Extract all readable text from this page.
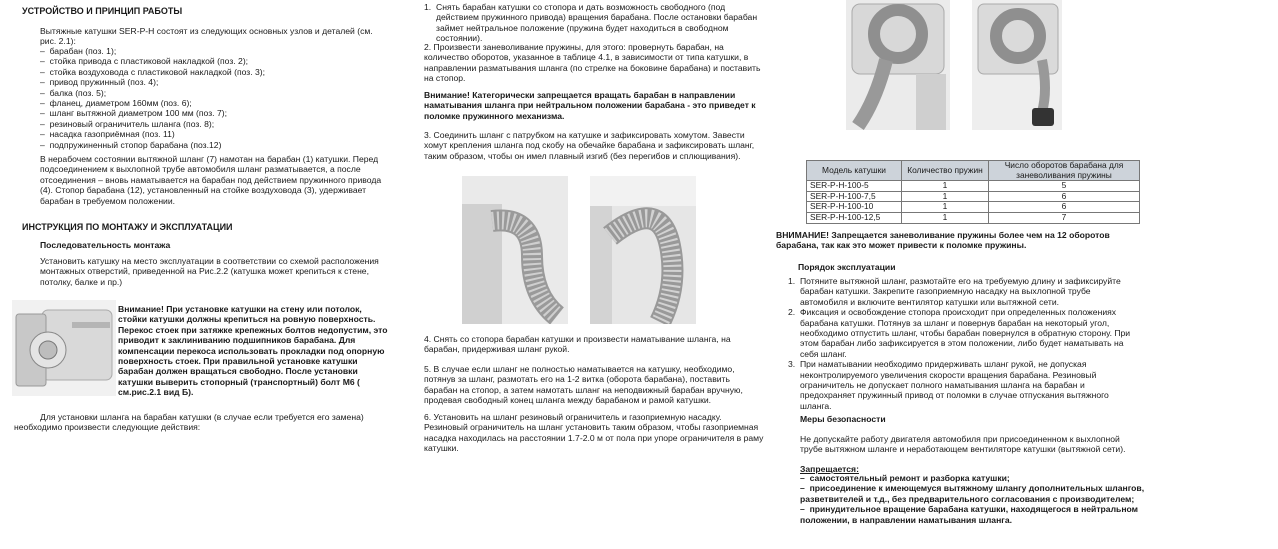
УСТРОЙСТВО И ПРИНЦИП РАБОТЫ

Вытяжные катушки SER-P-H состоят из следующих основных узлов и деталей (см. рис. 2.1):

–  барабан (поз. 1);
–  стойка привода с пластиковой накладкой (поз. 2);
–  стойка воздуховода с пластиковой накладкой (поз. 3);
–  привод пружинный (поз. 4);
–  балка (поз. 5);
–  фланец, диаметром 160мм (поз. 6);
–  шланг вытяжной диаметром 100 мм (поз. 7);
–  резиновый ограничитель шланга (поз. 8);
–  насадка газоприёмная (поз. 11)
–  подпружиненный стопор барабана (поз.12)

В нерабочем состоянии вытяжной шланг (7) намотан на барабан (1) катушки. Перед подсоединением к выхлопной трубе автомобиля шланг разматывается, а после отсоединения – вновь наматывается на барабан под действием пружинного привода (4). Стопор барабана (12), установленный на стойке воздуховода (3), удерживает барабан в требуемом положении.

ИНСТРУКЦИЯ ПО МОНТАЖУ И ЭКСПЛУАТАЦИИ
Последовательность монтажа

Установить катушку на место эксплуатации в соответствии со схемой расположения монтажных отверстий, приведенной на Рис.2.2 (катушка может крепиться к стене, потолку, балке и пр.)

Внимание! При установке катушки на стену или потолок, стойки катушки должны крепиться на ровную поверхность. Перекос стоек при затяжке крепежных болтов недопустим, это приводит к заклиниванию подшипников барабана. Для компенсации перекоса использовать прокладки под опорную поверхность стоек. При правильной установке катушки барабан должен вращаться свободно. После установки катушки выверить стопорный (транспортный) болт М6 ( см.рис.2.1 вид Б).

Для установки шланга на барабан катушки (в случае если требуется его замена)

необходимо произвести следующие действия:

1. Снять барабан катушки со стопора и дать возможность свободного (под действием пружинного привода) вращения барабана. После остановки барабан займет нейтральное положение (пружина будет находиться в свободном состоянии).

2. Произвести заневоливание пружины, для этого: провернуть барабан, на количество оборотов, указанное в таблице 4.1, в зависимости от типа катушки, в направлении разматывания шланга (по стрелке на боковине барабана) и поставить на стопор.

Внимание! Категорически запрещается вращать барабан в направлении наматывания шланга при нейтральном положении барабана - это приведет к поломке пружинного механизма.

3. Соединить шланг с патрубком на катушке и зафиксировать хомутом. Завести хомут крепления шланга под скобу на обечайке барабана и зафиксировать шланг, таким образом, чтобы он имел плавный изгиб (без перегибов и сплющивания).

4. Снять со стопора барабан катушки и произвести наматывание шланга, на барабан, придерживая шланг рукой.

5. В случае если шланг не полностью наматывается на катушку, необходимо, потянув за шланг, размотать его на 1-2 витка (оборота барабана), поставить барабан на стопор, а затем намотать шланг на неподвижный барабан вручную, продевая свободный конец шланга между барабаном и рамой катушки.

6. Установить на шланг резиновый ограничитель и газоприемную насадку. Резиновый ограничитель на шланг установить таким образом, чтобы газоприемная насадка находилась на расстоянии 1.7-2.0 м от пола при упоре ограничителя в раму катушки.

Модель катушки	Количество пружин	Число оборотов барабана для заневоливания пружины
SER-P-H-100-5	1	5
SER-P-H-100-7,5	1	6
SER-P-H-100-10	1	6
SER-P-H-100-12,5	1	7

ВНИМАНИЕ! Запрещается заневоливание пружины более чем на 12 оборотов барабана, так как это может привести к поломке пружины.

Порядок эксплуатации
1. Потяните вытяжной шланг, размотайте его на требуемую длину и зафиксируйте барабан катушки. Закрепите газоприемную насадку на выхлопной трубе автомобиля и включите вентилятор катушки или вытяжной сети.
2. Фиксация и освобождение стопора происходит при определенных положениях барабана катушки. Потянув за шланг и повернув барабан на некоторый угол, необходимо отпустить шланг, чтобы барабан повернулся в обратную сторону. При этом барабан либо зафиксируется в этом положении, либо будет наматывать на себя шланг.
3. При наматывании необходимо придерживать шланг рукой, не допуская неконтролируемого увеличения скорости вращения барабана. Резиновый ограничитель не допускает полного наматывания шланга на барабан и предохраняет пружинный привод от поломки в случае отпускания вытяжного шланга.
Меры безопасности

Не допускайте работу двигателя автомобиля при присоединенном к выхлопной трубе вытяжном шланге и неработающем вентиляторе катушки (вытяжной сети).

Запрещается:
–  самостоятельный ремонт и разборка катушки;
–  присоединение к имеющемуся вытяжному шлангу дополнительных шлангов, разветвителей и т.д., без предварительного согласования с производителем;
–  принудительное вращение барабана катушки, находящегося в нейтральном положении, в направлении наматывания шланга.
